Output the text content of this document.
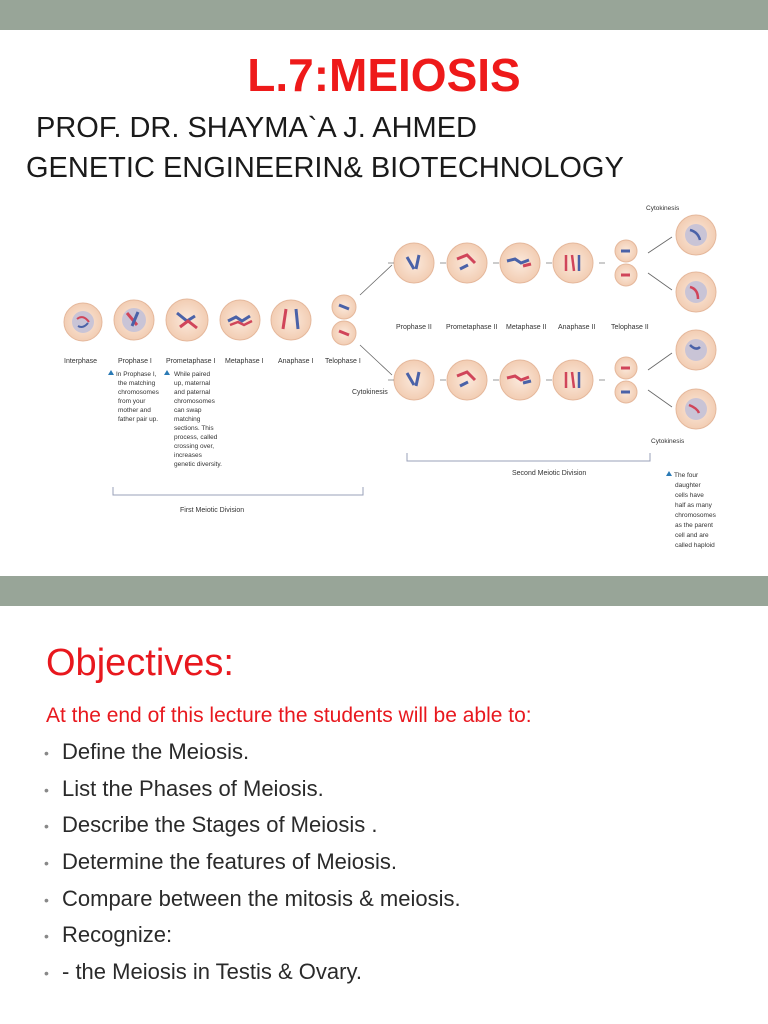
L.7:MEIOSIS
PROF. DR. SHAYMA`A J. AHMED
GENETIC ENGINEERIN& BIOTECHNOLOGY
Interphase	Prophase I Prometaphase I Metaphase I Anaphase I Telophase I
In Prophase I,
the matching
chromosomes
from your
mother and
father pair up.
While paired
up, maternal
and paternal
chromosomes
can swap
matching
sections. This
process, called
crossing over,
increases
genetic diversity.
First Meiotic Division
Prophase II Prometaphase II Metaphase II Anaphase II Telophase II
Cytokinesis
Cytokinesis
Cytokinesis
Second Meiotic Division	The four
daughter
cells have
half as many
chromosomes
as the parent
cell and are
called haploid
Objectives:
At the end of this lecture the students will be able to:
• Define the Meiosis.
• List the Phases of Meiosis.
• Describe the Stages of Meiosis .
• Determine the features of Meiosis.
• Compare between the mitosis & meiosis.
• Recognize:
• - the Meiosis in Testis & Ovary.
